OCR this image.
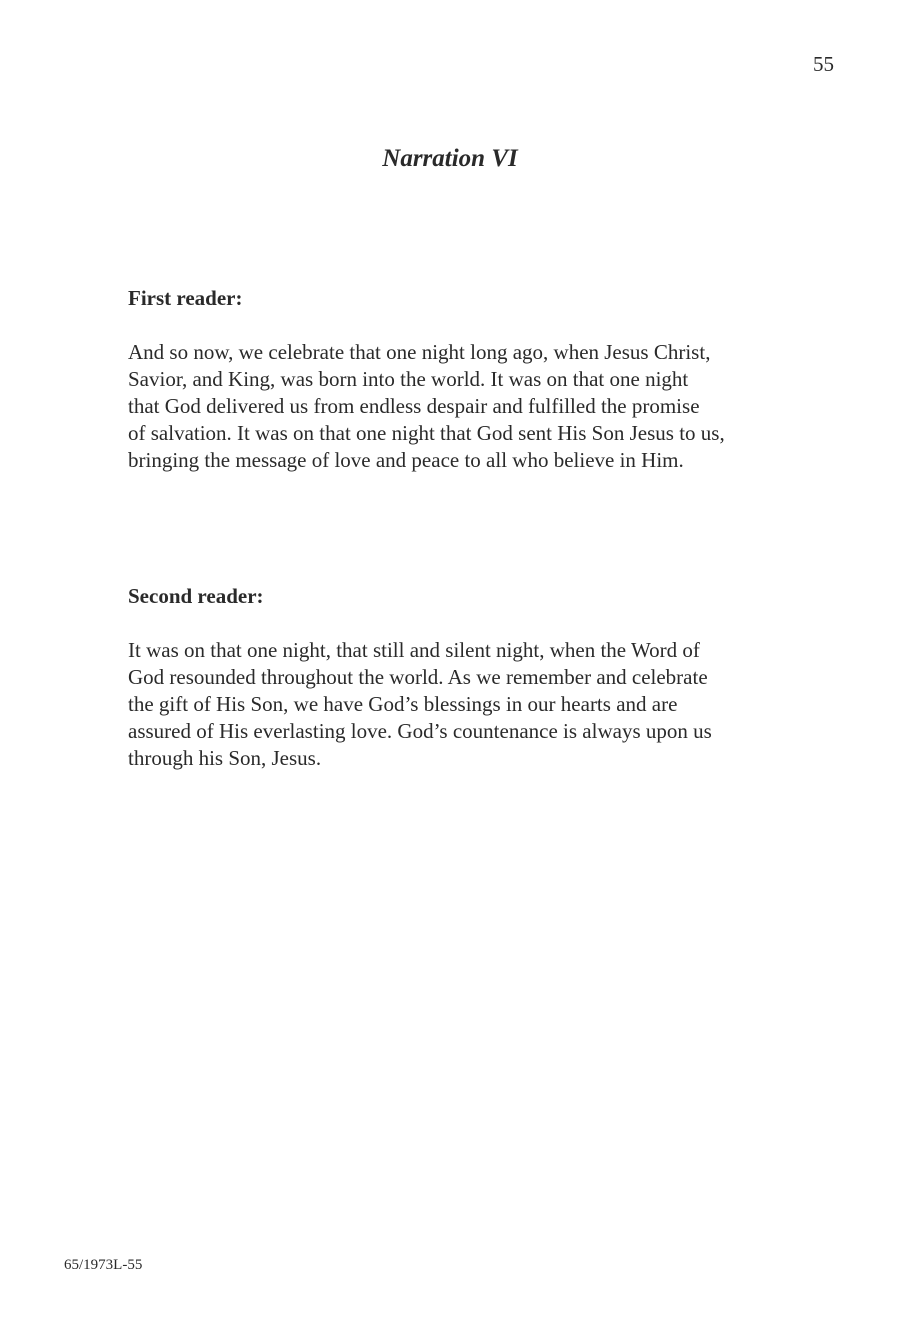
55
Narration VI
First reader:

And so now, we celebrate that one night long ago, when Jesus Christ,
Savior, and King, was born into the world. It was on that one night
that God delivered us from endless despair and fulfilled the promise
of salvation. It was on that one night that God sent His Son Jesus to us,
bringing the message of love and peace to all who believe in Him.

Second reader:

It was on that one night, that still and silent night, when the Word of
God resounded throughout the world. As we remember and celebrate
the gift of His Son, we have God’s blessings in our hearts and are
assured of His everlasting love. God’s countenance is always upon us
through his Son, Jesus.

65/1973L-55
